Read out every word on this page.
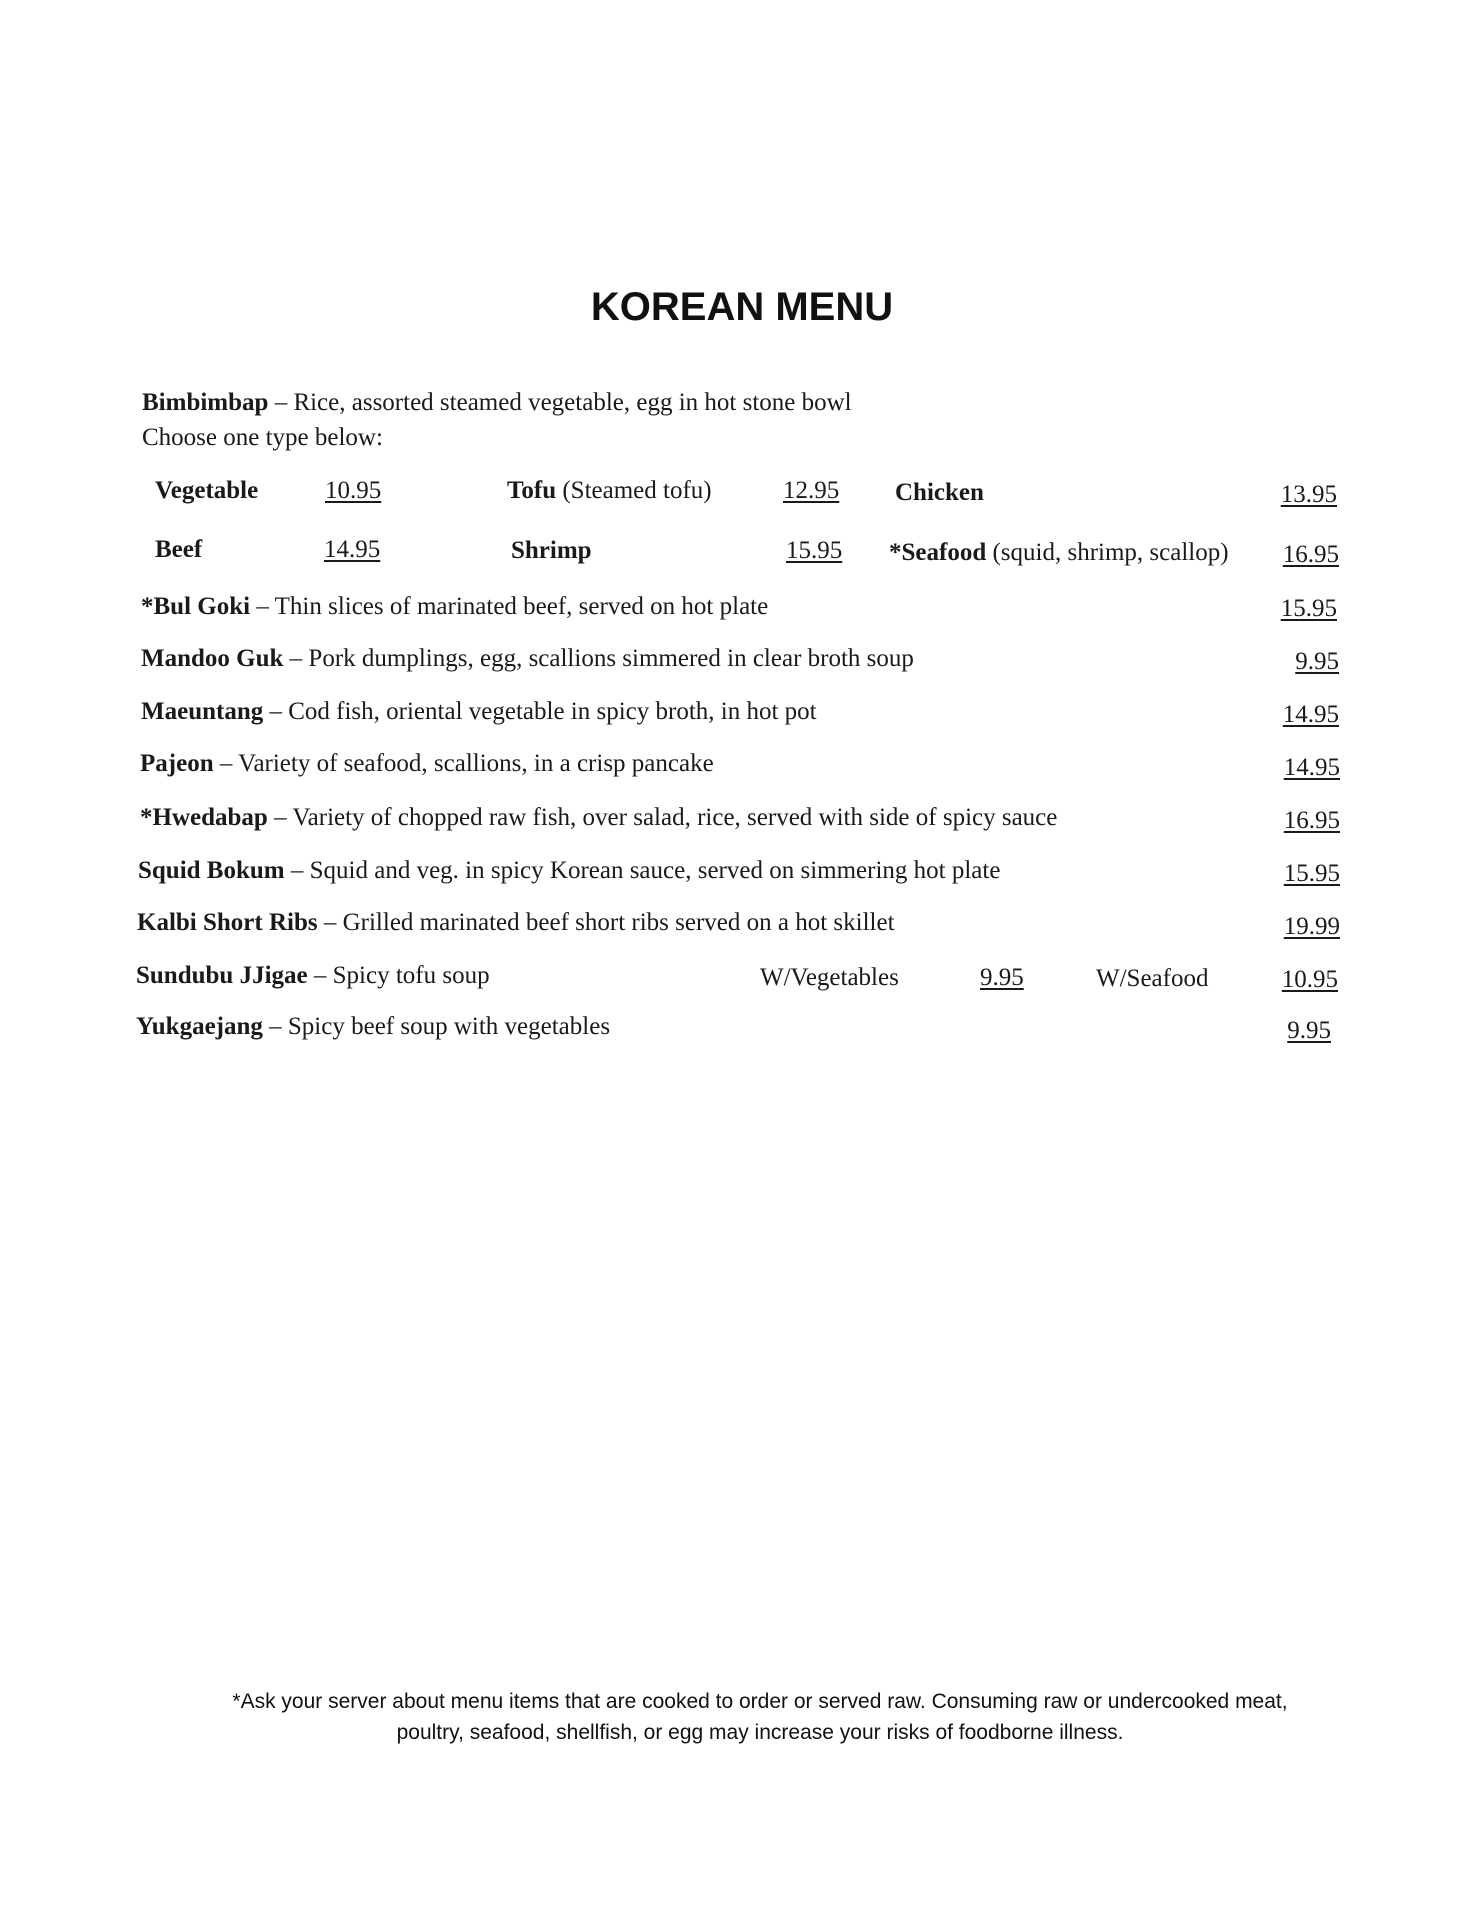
KOREAN MENU
Bimbimbap – Rice, assorted steamed vegetable, egg in hot stone bowl
Choose one type below:
Vegetable	10.95	Tofu (Steamed tofu)	12.95 Chicken	13.95
Beef	14.95	Shrimp	15.95 *Seafood (squid, shrimp, scallop)	16.95
*Bul Goki – Thin slices of marinated beef, served on hot plate	15.95
Mandoo Guk – Pork dumplings, egg, scallions simmered in clear broth soup	9.95
Maeuntang – Cod fish, oriental vegetable in spicy broth, in hot pot	14.95
Pajeon – Variety of seafood, scallions, in a crisp pancake	14.95
*Hwedabap – Variety of chopped raw fish, over salad, rice, served with side of spicy sauce	16.95
Squid Bokum – Squid and veg. in spicy Korean sauce, served on simmering hot plate	15.95
Kalbi Short Ribs – Grilled marinated beef short ribs served on a hot skillet	19.99
Sundubu JJigae – Spicy tofu soup	W/Vegetables	9.95	W/Seafood	10.95
Yukgaejang – Spicy beef soup with vegetables	9.95
*Ask your server about menu items that are cooked to order or served raw. Consuming raw or undercooked meat,
poultry, seafood, shellfish, or egg may increase your risks of foodborne illness.
